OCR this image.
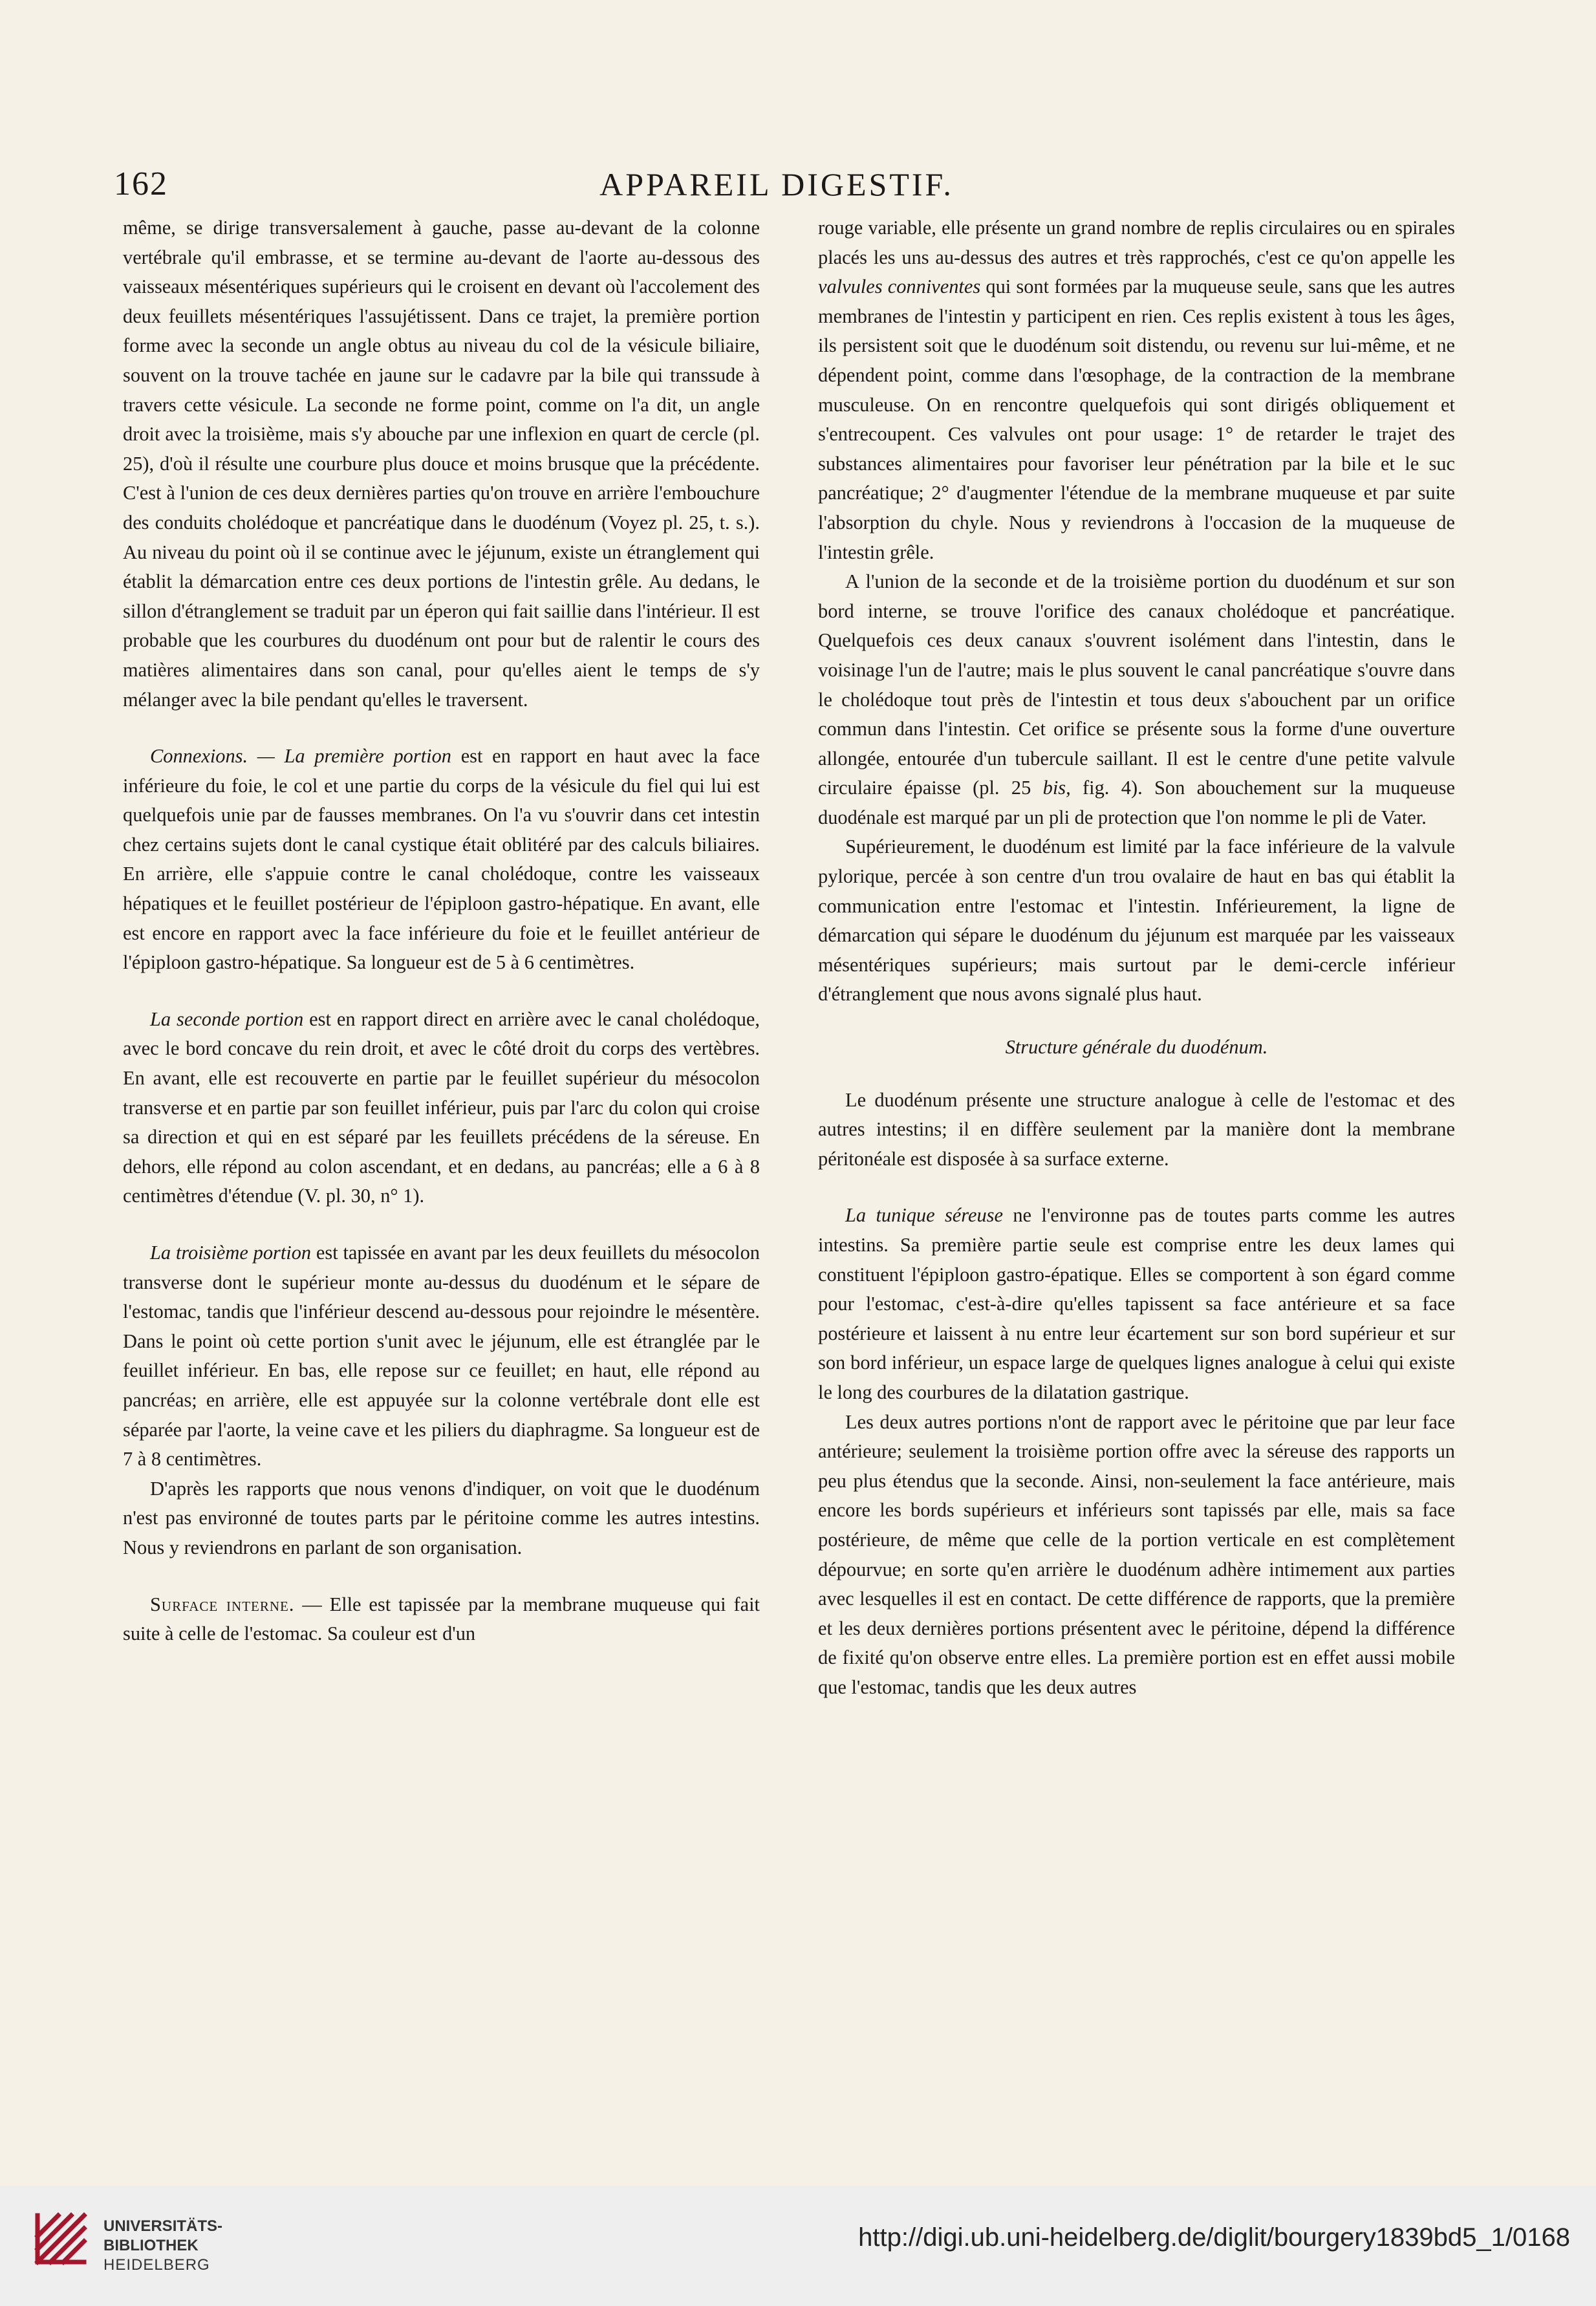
162	APPAREIL DIGESTIF.

même, se dirige transversalement à gauche, passe au-devant de la colonne vertébrale qu'il embrasse, et se termine au-devant de l'aorte au-dessous des vaisseaux mésentériques supérieurs qui le croisent en devant où l'accolement des deux feuillets mésentériques l'assujétissent. Dans ce trajet, la première portion forme avec la seconde un angle obtus au niveau du col de la vésicule biliaire, souvent on la trouve tachée en jaune sur le cadavre par la bile qui transsude à travers cette vésicule. La seconde ne forme point, comme on l'a dit, un angle droit avec la troisième, mais s'y abouche par une inflexion en quart de cercle (pl. 25), d'où il résulte une courbure plus douce et moins brusque que la précédente. C'est à l'union de ces deux dernières parties qu'on trouve en arrière l'embouchure des conduits cholédoque et pancréatique dans le duodénum (Voyez pl. 25, t. s.). Au niveau du point où il se continue avec le jéjunum, existe un étranglement qui établit la démarcation entre ces deux portions de l'intestin grêle. Au dedans, le sillon d'étranglement se traduit par un éperon qui fait saillie dans l'intérieur. Il est probable que les courbures du duodénum ont pour but de ralentir le cours des matières alimentaires dans son canal, pour qu'elles aient le temps de s'y mélanger avec la bile pendant qu'elles le traversent.

Connexions. — La première portion est en rapport en haut avec la face inférieure du foie, le col et une partie du corps de la vésicule du fiel qui lui est quelquefois unie par de fausses membranes. On l'a vu s'ouvrir dans cet intestin chez certains sujets dont le canal cystique était oblitéré par des calculs biliaires. En arrière, elle s'appuie contre le canal cholédoque, contre les vaisseaux hépatiques et le feuillet postérieur de l'épiploon gastro-hépatique. En avant, elle est encore en rapport avec la face inférieure du foie et le feuillet antérieur de l'épiploon gastro-hépatique. Sa longueur est de 5 à 6 centimètres.

La seconde portion est en rapport direct en arrière avec le canal cholédoque, avec le bord concave du rein droit, et avec le côté droit du corps des vertèbres. En avant, elle est recouverte en partie par le feuillet supérieur du mésocolon transverse et en partie par son feuillet inférieur, puis par l'arc du colon qui croise sa direction et qui en est séparé par les feuillets précédens de la séreuse. En dehors, elle répond au colon ascendant, et en dedans, au pancréas; elle a 6 à 8 centimètres d'étendue (V. pl. 30, n° 1).

La troisième portion est tapissée en avant par les deux feuillets du mésocolon transverse dont le supérieur monte au-dessus du duodénum et le sépare de l'estomac, tandis que l'inférieur descend au-dessous pour rejoindre le mésentère. Dans le point où cette portion s'unit avec le jéjunum, elle est étranglée par le feuillet inférieur. En bas, elle repose sur ce feuillet; en haut, elle répond au pancréas; en arrière, elle est appuyée sur la colonne vertébrale dont elle est séparée par l'aorte, la veine cave et les piliers du diaphragme. Sa longueur est de 7 à 8 centimètres.

D'après les rapports que nous venons d'indiquer, on voit que le duodénum n'est pas environné de toutes parts par le péritoine comme les autres intestins. Nous y reviendrons en parlant de son organisation.

Surface interne. — Elle est tapissée par la membrane muqueuse qui fait suite à celle de l'estomac. Sa couleur est d'un

rouge variable, elle présente un grand nombre de replis circulaires ou en spirales placés les uns au-dessus des autres et très rapprochés, c'est ce qu'on appelle les valvules conniventes qui sont formées par la muqueuse seule, sans que les autres membranes de l'intestin y participent en rien. Ces replis existent à tous les âges, ils persistent soit que le duodénum soit distendu, ou revenu sur lui-même, et ne dépendent point, comme dans l'œsophage, de la contraction de la membrane musculeuse. On en rencontre quelquefois qui sont dirigés obliquement et s'entrecoupent. Ces valvules ont pour usage: 1° de retarder le trajet des substances alimentaires pour favoriser leur pénétration par la bile et le suc pancréatique; 2° d'augmenter l'étendue de la membrane muqueuse et par suite l'absorption du chyle. Nous y reviendrons à l'occasion de la muqueuse de l'intestin grêle.

A l'union de la seconde et de la troisième portion du duodénum et sur son bord interne, se trouve l'orifice des canaux cholédoque et pancréatique. Quelquefois ces deux canaux s'ouvrent isolément dans l'intestin, dans le voisinage l'un de l'autre; mais le plus souvent le canal pancréatique s'ouvre dans le cholédoque tout près de l'intestin et tous deux s'abouchent par un orifice commun dans l'intestin. Cet orifice se présente sous la forme d'une ouverture allongée, entourée d'un tubercule saillant. Il est le centre d'une petite valvule circulaire épaisse (pl. 25 bis, fig. 4). Son abouchement sur la muqueuse duodénale est marqué par un pli de protection que l'on nomme le pli de Vater.

Supérieurement, le duodénum est limité par la face inférieure de la valvule pylorique, percée à son centre d'un trou ovalaire de haut en bas qui établit la communication entre l'estomac et l'intestin. Inférieurement, la ligne de démarcation qui sépare le duodénum du jéjunum est marquée par les vaisseaux mésentériques supérieurs; mais surtout par le demi-cercle inférieur d'étranglement que nous avons signalé plus haut.

Structure générale du duodénum.

Le duodénum présente une structure analogue à celle de l'estomac et des autres intestins; il en diffère seulement par la manière dont la membrane péritonéale est disposée à sa surface externe.

La tunique séreuse ne l'environne pas de toutes parts comme les autres intestins. Sa première partie seule est comprise entre les deux lames qui constituent l'épiploon gastro-épatique. Elles se comportent à son égard comme pour l'estomac, c'est-à-dire qu'elles tapissent sa face antérieure et sa face postérieure et laissent à nu entre leur écartement sur son bord supérieur et sur son bord inférieur, un espace large de quelques lignes analogue à celui qui existe le long des courbures de la dilatation gastrique.

Les deux autres portions n'ont de rapport avec le péritoine que par leur face antérieure; seulement la troisième portion offre avec la séreuse des rapports un peu plus étendus que la seconde. Ainsi, non-seulement la face antérieure, mais encore les bords supérieurs et inférieurs sont tapissés par elle, mais sa face postérieure, de même que celle de la portion verticale en est complètement dépourvue; en sorte qu'en arrière le duodénum adhère intimement aux parties avec lesquelles il est en contact. De cette différence de rapports, que la première et les deux dernières portions présentent avec le péritoine, dépend la différence de fixité qu'on observe entre elles. La première portion est en effet aussi mobile que l'estomac, tandis que les deux autres

UNIVERSITÄTS-
BIBLIOTHEK
HEIDELBERG
http://digi.ub.uni-heidelberg.de/diglit/bourgery1839bd5_1/0168
